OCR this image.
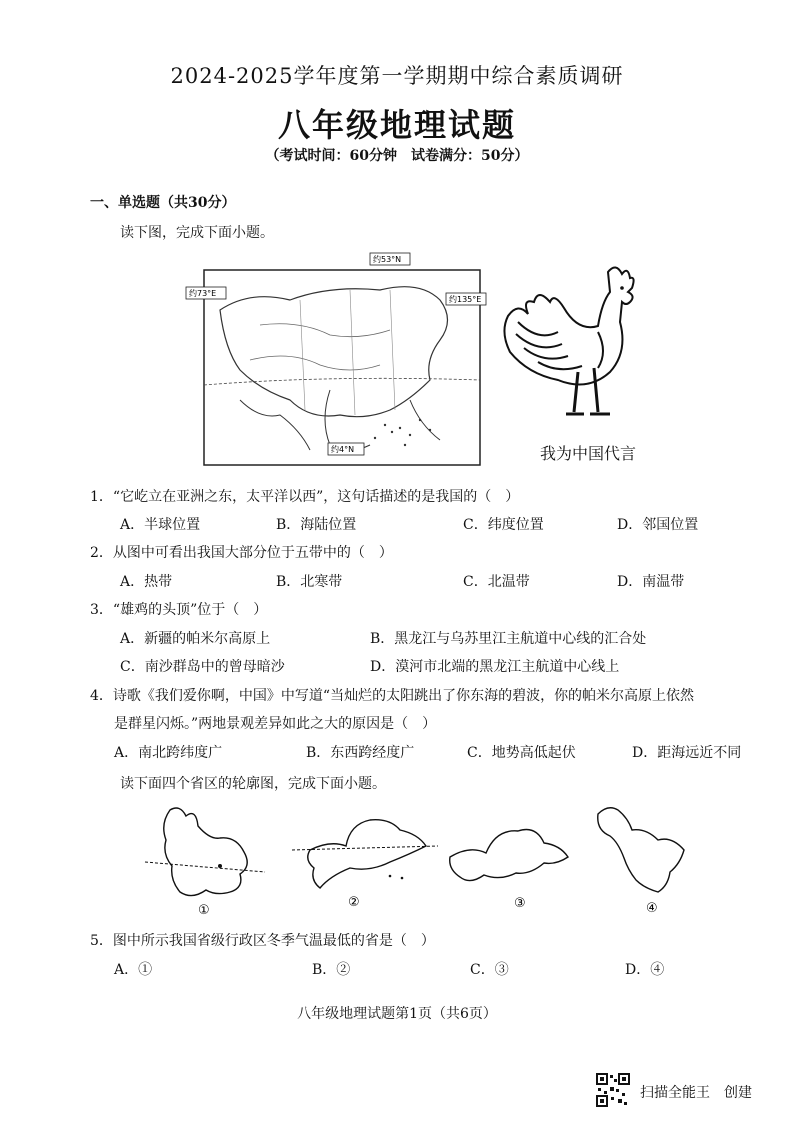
2024-2025学年度第一学期期中综合素质调研
八年级地理试题
（考试时间：60分钟　试卷满分：50分）
一、单选题（共30分）
读下图，完成下面小题。
约53°N
约73°E
约135°E
约4°N	我为中国代言
1．“它屹立在亚洲之东，太平洋以西”，这句话描述的是我国的（　）
A．半球位置	B．海陆位置	C．纬度位置	D．邻国位置
2．从图中可看出我国大部分位于五带中的（　）
A．热带	B．北寒带	C．北温带	D．南温带
3．“雄鸡的头顶”位于（　）
A．新疆的帕米尔高原上	B．黑龙江与乌苏里江主航道中心线的汇合处
C．南沙群岛中的曾母暗沙	D．漠河市北端的黑龙江主航道中心线上
4．诗歌《我们爱你啊，中国》中写道“当灿烂的太阳跳出了你东海的碧波，你的帕米尔高原上依然
是群星闪烁。”两地景观差异如此之大的原因是（　）
A．南北跨纬度广	B．东西跨经度广	C．地势高低起伏	D．距海远近不同
读下面四个省区的轮廓图，完成下面小题。
①
②	③	④
5．图中所示我国省级行政区冬季气温最低的省是（　）
A．①	B．②	C．③	D．④
八年级地理试题第1页（共6页）
扫描全能王　创建
